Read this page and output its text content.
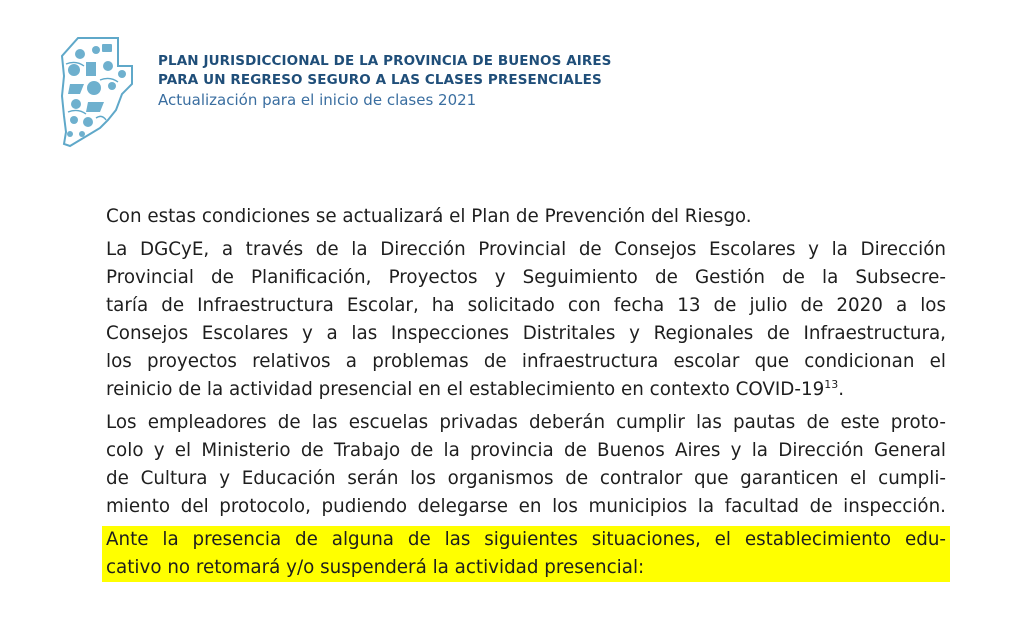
PLAN JURISDICCIONAL DE LA PROVINCIA DE BUENOS AIRES
PARA UN REGRESO SEGURO A LAS CLASES PRESENCIALES
Actualización para el inicio de clases 2021
Con estas condiciones se actualizará el Plan de Prevención del Riesgo.
La DGCyE, a través de la Dirección Provincial de Consejos Escolares y la Dirección
Provincial de Planificación, Proyectos y Seguimiento de Gestión de la Subsecre-
taría de Infraestructura Escolar, ha solicitado con fecha 13 de julio de 2020 a los
Consejos Escolares y a las Inspecciones Distritales y Regionales de Infraestructura,
los proyectos relativos a problemas de infraestructura escolar que condicionan el
reinicio de la actividad presencial en el establecimiento en contexto COVID-$19^{13}$.
Los empleadores de las escuelas privadas deberán cumplir las pautas de este proto-
colo y el Ministerio de Trabajo de la provincia de Buenos Aires y la Dirección General
de Cultura y Educación serán los organismos de contralor que garanticen el cumpli-
miento del protocolo, pudiendo delegarse en los municipios la facultad de inspección.
Ante la presencia de alguna de las siguientes situaciones, el establecimiento edu-
cativo no retomará y/o suspenderá la actividad presencial:
